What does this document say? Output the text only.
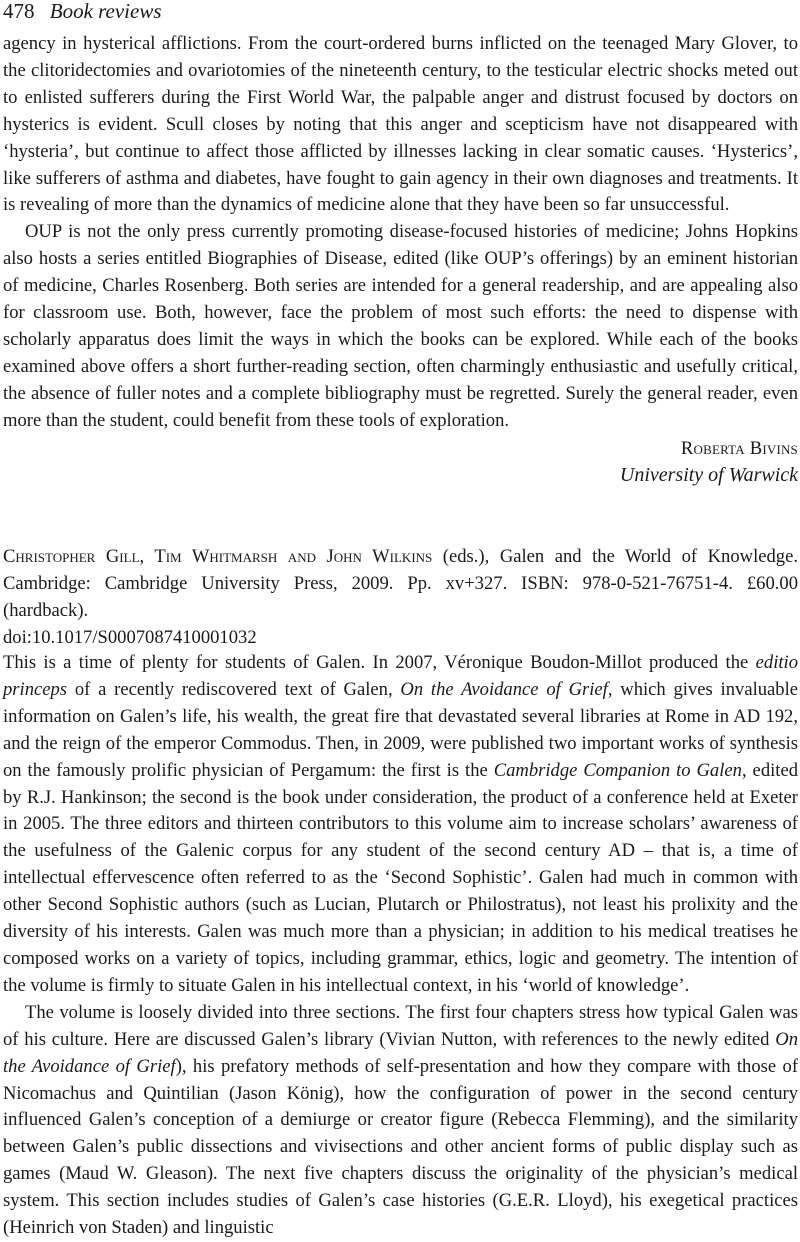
478 Book reviews

agency in hysterical afflictions. From the court-ordered burns inflicted on the teenaged Mary Glover, to the clitoridectomies and ovariotomies of the nineteenth century, to the testicular electric shocks meted out to enlisted sufferers during the First World War, the palpable anger and distrust focused by doctors on hysterics is evident. Scull closes by noting that this anger and scepticism have not disappeared with ‘hysteria’, but continue to affect those afflicted by illnesses lacking in clear somatic causes. ‘Hysterics’, like sufferers of asthma and diabetes, have fought to gain agency in their own diagnoses and treatments. It is revealing of more than the dynamics of medicine alone that they have been so far unsuccessful.

OUP is not the only press currently promoting disease-focused histories of medicine; Johns Hopkins also hosts a series entitled Biographies of Disease, edited (like OUP’s offerings) by an eminent historian of medicine, Charles Rosenberg. Both series are intended for a general readership, and are appealing also for classroom use. Both, however, face the problem of most such efforts: the need to dispense with scholarly apparatus does limit the ways in which the books can be explored. While each of the books examined above offers a short further-reading section, often charmingly enthusiastic and usefully critical, the absence of fuller notes and a complete bibliography must be regretted. Surely the general reader, even more than the student, could benefit from these tools of exploration.

Roberta Bivins
University of Warwick
Christopher Gill, Tim Whitmarsh and John Wilkins (eds.), Galen and the World of Knowledge. Cambridge: Cambridge University Press, 2009. Pp. xv+327. ISBN: 978-0-521-76751-4. £60.00 (hardback).
doi:10.1017/S0007087410001032

This is a time of plenty for students of Galen. In 2007, Véronique Boudon-Millot produced the editio princeps of a recently rediscovered text of Galen, On the Avoidance of Grief, which gives invaluable information on Galen’s life, his wealth, the great fire that devastated several libraries at Rome in AD 192, and the reign of the emperor Commodus. Then, in 2009, were published two important works of synthesis on the famously prolific physician of Pergamum: the first is the Cambridge Companion to Galen, edited by R.J. Hankinson; the second is the book under consideration, the product of a conference held at Exeter in 2005. The three editors and thirteen contributors to this volume aim to increase scholars’ awareness of the usefulness of the Galenic corpus for any student of the second century AD – that is, a time of intellectual effervescence often referred to as the ‘Second Sophistic’. Galen had much in common with other Second Sophistic authors (such as Lucian, Plutarch or Philostratus), not least his prolixity and the diversity of his interests. Galen was much more than a physician; in addition to his medical treatises he composed works on a variety of topics, including grammar, ethics, logic and geometry. The intention of the volume is firmly to situate Galen in his intellectual context, in his ‘world of knowledge’.

The volume is loosely divided into three sections. The first four chapters stress how typical Galen was of his culture. Here are discussed Galen’s library (Vivian Nutton, with references to the newly edited On the Avoidance of Grief), his prefatory methods of self-presentation and how they compare with those of Nicomachus and Quintilian (Jason König), how the configuration of power in the second century influenced Galen’s conception of a demiurge or creator figure (Rebecca Flemming), and the similarity between Galen’s public dissections and vivisections and other ancient forms of public display such as games (Maud W. Gleason). The next five chapters discuss the originality of the physician’s medical system. This section includes studies of Galen’s case histories (G.E.R. Lloyd), his exegetical practices (Heinrich von Staden) and linguistic
